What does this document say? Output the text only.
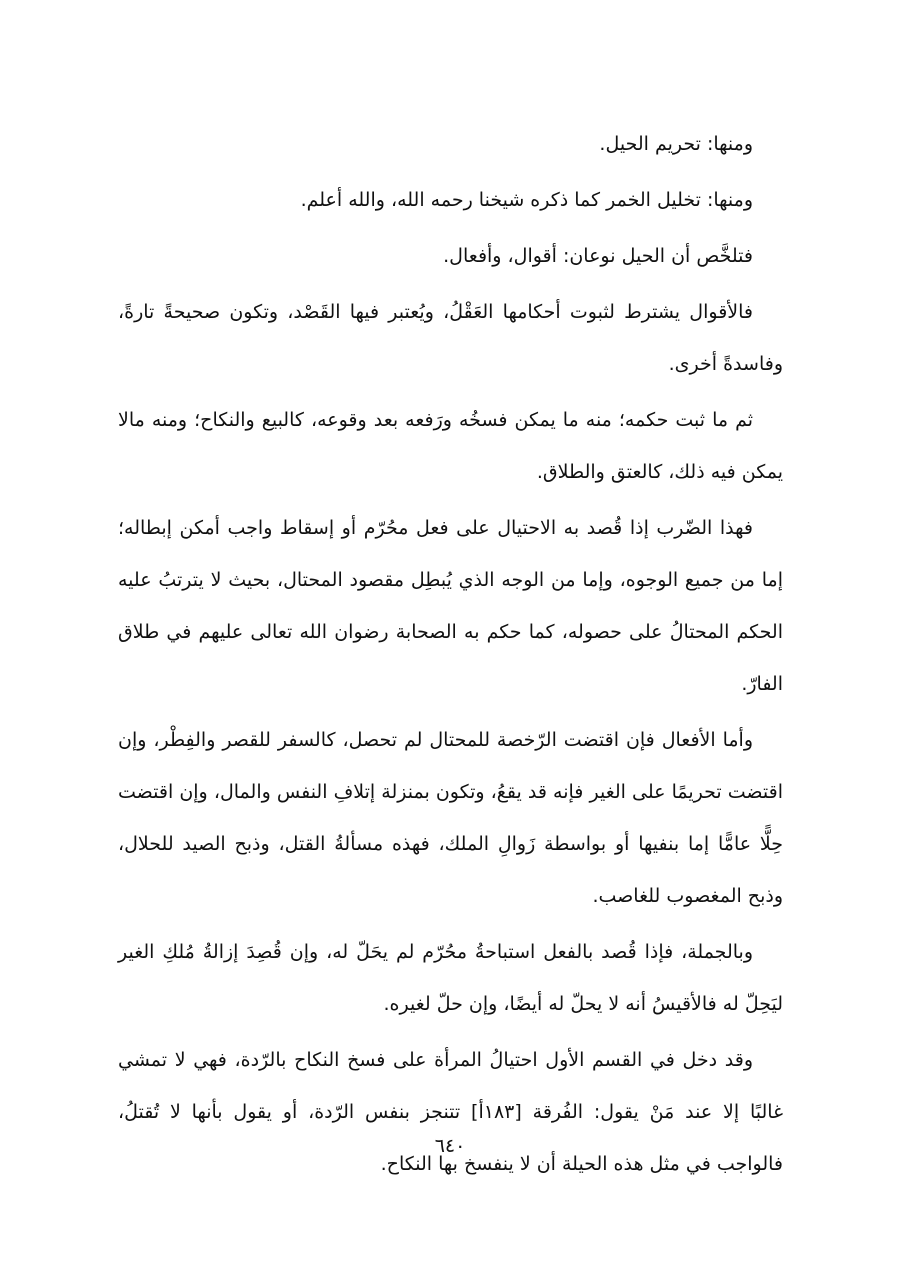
ومنها: تحريم الحيل.

ومنها: تخليل الخمر كما ذكره شيخنا رحمه الله، والله أعلم.

فتلخَّص أن الحيل نوعان: أقوال، وأفعال.

فالأقوال يشترط لثبوت أحكامها العَقْلُ، ويُعتبر فيها القَصْد، وتكون صحيحةً تارةً، وفاسدةً أخرى.

ثم ما ثبت حكمه؛ منه ما يمكن فسخُه ورَفعه بعد وقوعه، كالبيع والنكاح؛ ومنه مالا يمكن فيه ذلك، كالعتق والطلاق.

فهذا الضّرب إذا قُصد به الاحتيال على فعل محُرّم أو إسقاط واجب أمكن إبطاله؛ إما من جميع الوجوه، وإما من الوجه الذي يُبطِل مقصود المحتال، بحيث لا يترتبُ عليه الحكم المحتالُ على حصوله، كما حكم به الصحابة رضوان الله تعالى عليهم في طلاق الفارّ.

وأما الأفعال فإن اقتضت الرّخصة للمحتال لم تحصل، كالسفر للقصر والفِطْر، وإن اقتضت تحريمًا على الغير فإنه قد يقعُ، وتكون بمنزلة إتلافِ النفس والمال، وإن اقتضت حِلًّا عامًّا إما بنفيها أو بواسطة زَوالِ الملك، فهذه مسألةُ القتل، وذبح الصيد للحلال، وذبح المغصوب للغاصب.

وبالجملة، فإذا قُصد بالفعل استباحةُ محُرّم لم يحَلّ له، وإن قُصِدَ إزالةُ مُلكِ الغير ليَحِلّ له فالأقيسُ أنه لا يحلّ له أيضًا، وإن حلّ لغيره.

وقد دخل في القسم الأول احتيالُ المرأة على فسخ النكاح بالرّدة، فهي لا تمشي غالبًا إلا عند مَنْ يقول: الفُرقة [١٨٣أ] تتنجز بنفس الرّدة، أو يقول بأنها لا تُقتلُ، فالواجب في مثل هذه الحيلة أن لا ينفسخ بها النكاح.

٦٤٠
